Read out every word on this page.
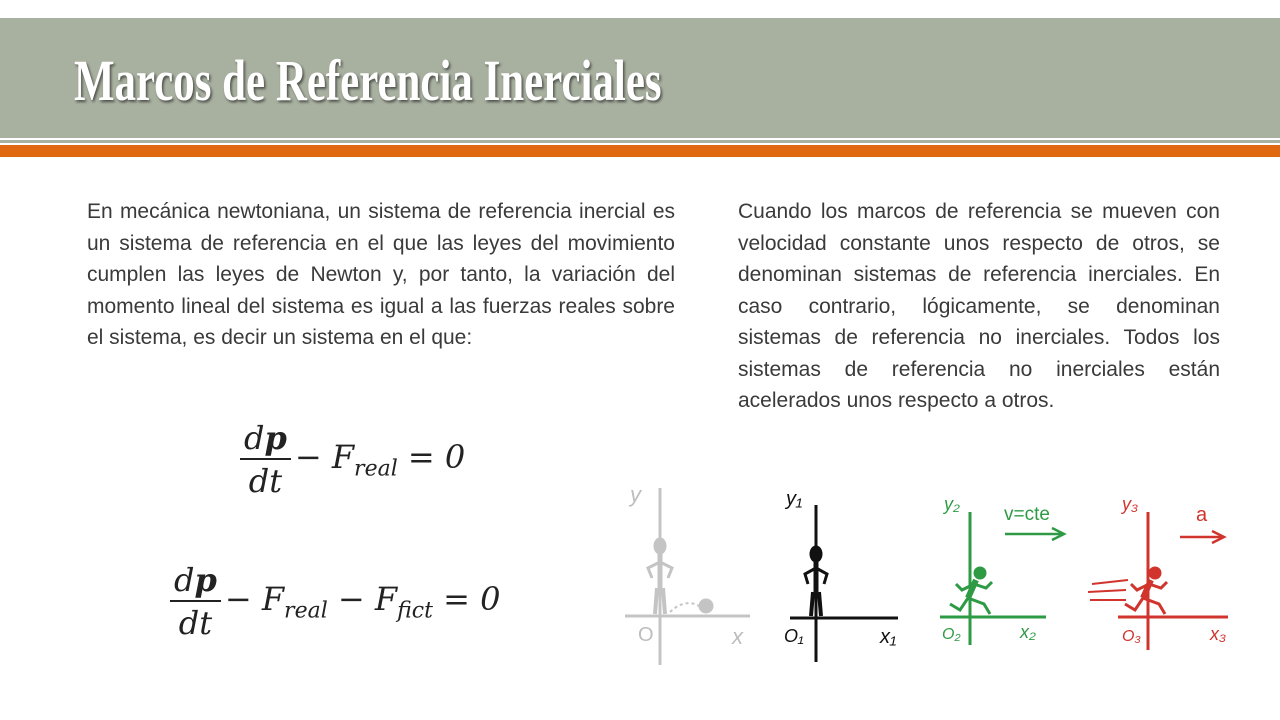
Marcos de Referencia Inerciales

En mecánica newtoniana, un sistema de referencia inercial es un sistema de referencia en el que las leyes del movimiento cumplen las leyes de Newton y, por tanto, la variación del momento lineal del sistema es igual a las fuerzas reales sobre el sistema, es decir un sistema en el que:

Cuando los marcos de referencia se mueven con velocidad constante unos respecto de otros, se denominan sistemas de referencia inerciales. En caso contrario, lógicamente, se denominan sistemas de referencia no inerciales. Todos los sistemas de referencia no inerciales están acelerados unos respecto a otros.

$\frac{dp}{dt} - F_{real} = 0$
$\frac{dp}{dt} - F_{real} - F_{fict} = 0$
y
x
O
y₁
x₁
O₁
y₂
x₂
O₂
v=cte	y₃
x₃
O₃
a
